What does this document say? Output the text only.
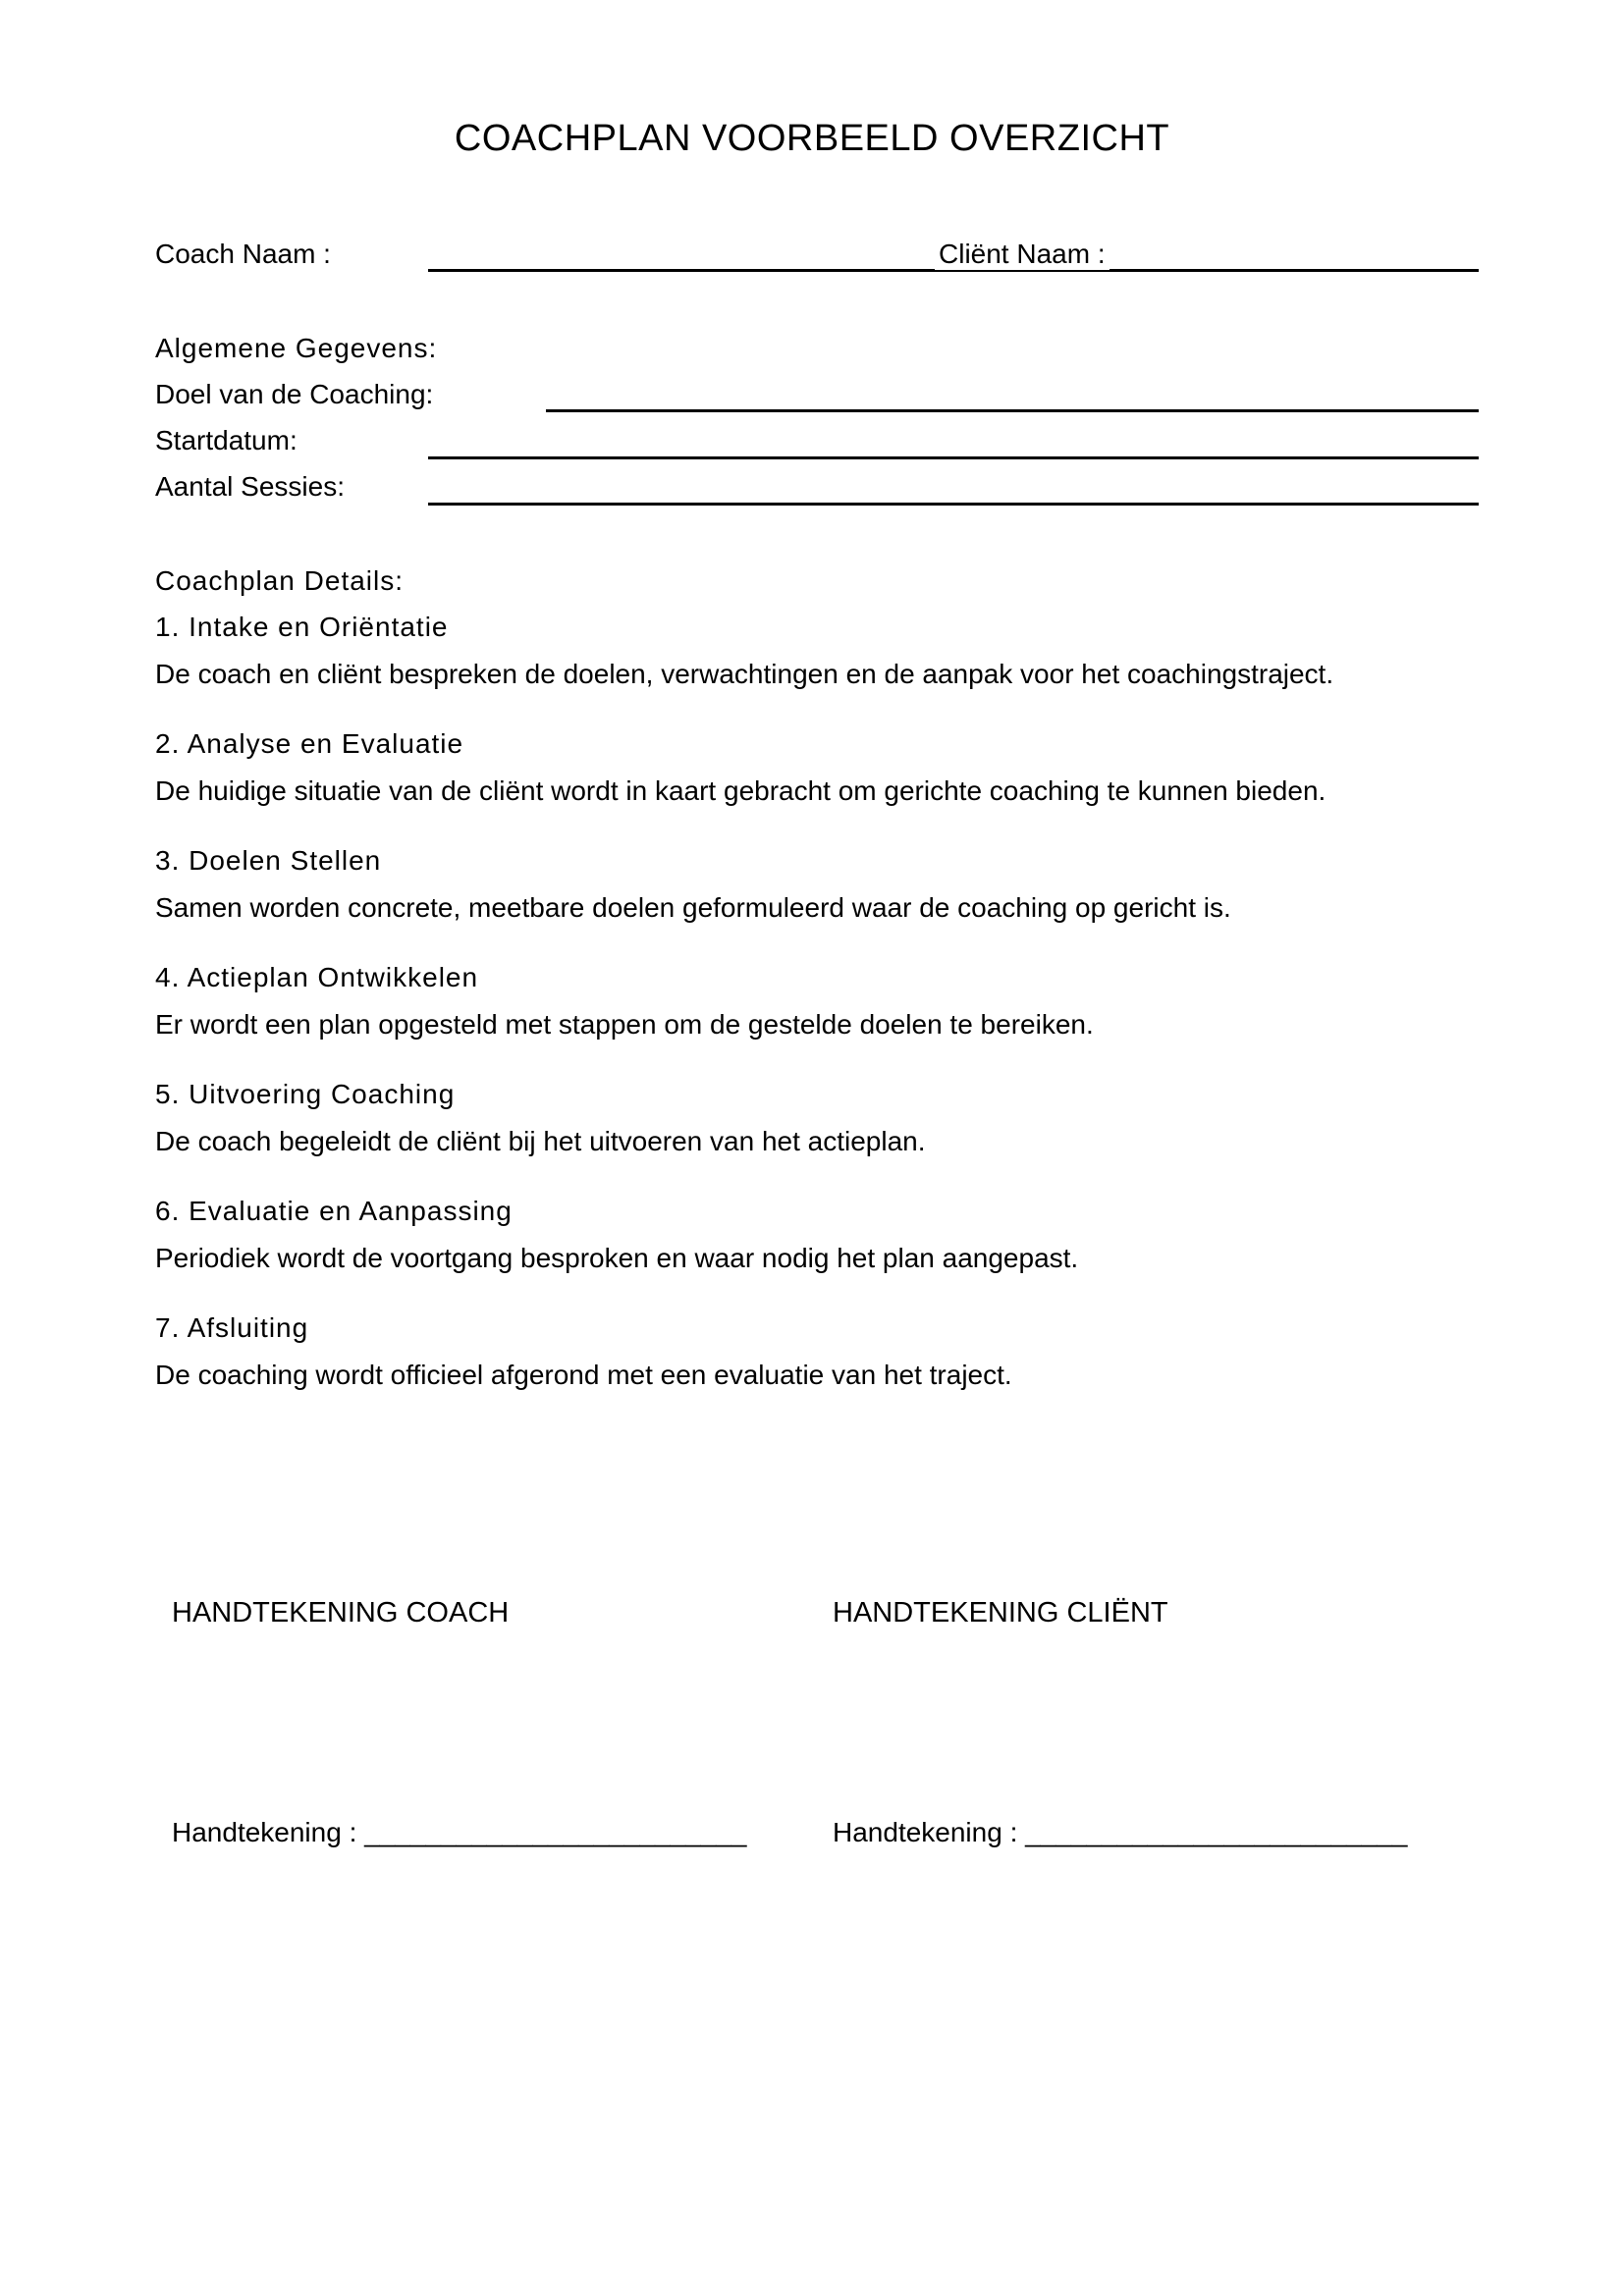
COACHPLAN VOORBEELD OVERZICHT
Coach Naam :	Cliënt Naam :
Algemene Gegevens:
Doel van de Coaching:
Startdatum:
Aantal Sessies:
Coachplan Details:
1. Intake en Oriëntatie
De coach en cliënt bespreken de doelen, verwachtingen en de aanpak voor het coachingstraject.
2. Analyse en Evaluatie
De huidige situatie van de cliënt wordt in kaart gebracht om gerichte coaching te kunnen bieden.
3. Doelen Stellen
Samen worden concrete, meetbare doelen geformuleerd waar de coaching op gericht is.
4. Actieplan Ontwikkelen
Er wordt een plan opgesteld met stappen om de gestelde doelen te bereiken.
5. Uitvoering Coaching
De coach begeleidt de cliënt bij het uitvoeren van het actieplan.
6. Evaluatie en Aanpassing
Periodiek wordt de voortgang besproken en waar nodig het plan aangepast.
7. Afsluiting
De coaching wordt officieel afgerond met een evaluatie van het traject.
HANDTEKENING COACH	HANDTEKENING CLIËNT
Handtekening : _________________________	Handtekening : _________________________
